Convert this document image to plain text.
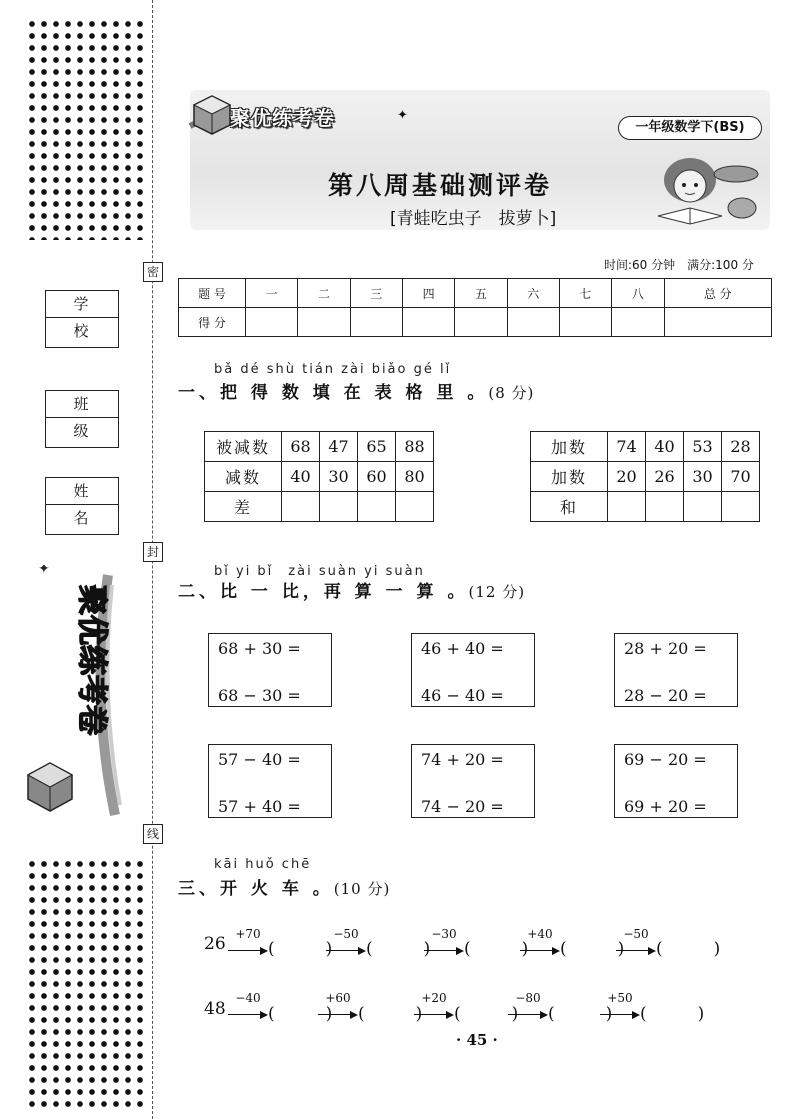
密
封
线
学　校
班　级
姓　名
✦
聚优练考卷
聚优练考卷	✦
一年级数学下(BS)
第八周基础测评卷
[青蛙吃虫子　拔萝卜]
时间:60 分钟　满分:100 分
题 号	一	二	三	四	五	六	七	八	总 分
得 分									
bǎ dé shù tián zài biǎo gé lǐ
一、把 得 数 填 在 表 格 里 。(8 分)
被减数	68	47	65	88
减数	40	30	60	80
差				
加数	74	40	53	28
加数	20	26	30	70
和				
bǐ yi bǐ　zài suàn yi suàn
二、比 一 比，再 算 一 算 。(12 分)
68 + 30 =
68 − 30 =
46 + 40 =
46 − 40 =
28 + 20 =
28 − 20 =
57 − 40 =
57 + 40 =
74 + 20 =
74 − 20 =
69 − 20 =
69 + 20 =
kāi huǒ chē
三、开 火 车 。(10 分)
26 +70
(　　　)
−50
(　　　)
−30
(　　　)
+40
(　　　)
−50
(　　　)
48
−40
(　　　)
+60
(　　　)
+20
(　　　)
−80
(　　　)
+50
(　　　)
· 45 ·
